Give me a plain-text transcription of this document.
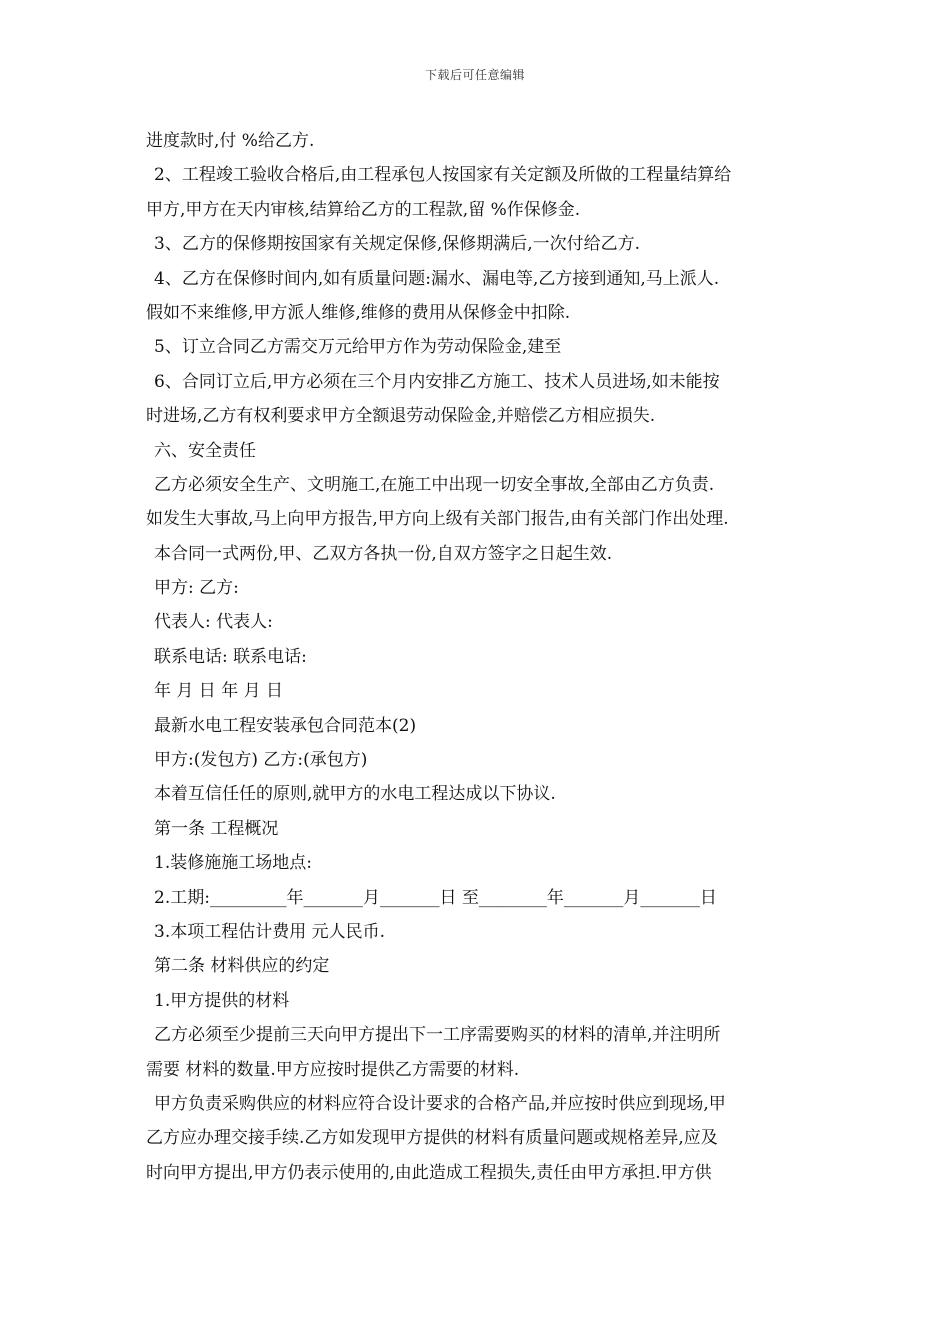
下载后可任意编辑
进度款时,付 %给乙方.
2、工程竣工验收合格后,由工程承包人按国家有关定额及所做的工程量结算给
甲方,甲方在天内审核,结算给乙方的工程款,留 %作保修金.
3、乙方的保修期按国家有关规定保修,保修期满后,一次付给乙方.
4、乙方在保修时间内,如有质量问题:漏水、漏电等,乙方接到通知,马上派人.
假如不来维修,甲方派人维修,维修的费用从保修金中扣除.
5、订立合同乙方需交万元给甲方作为劳动保险金,建至
6、合同订立后,甲方必须在三个月内安排乙方施工、技术人员进场,如未能按
时进场,乙方有权利要求甲方全额退劳动保险金,并赔偿乙方相应损失.
六、安全责任
乙方必须安全生产、文明施工,在施工中出现一切安全事故,全部由乙方负责.
如发生大事故,马上向甲方报告,甲方向上级有关部门报告,由有关部门作出处理.
本合同一式两份,甲、乙双方各执一份,自双方签字之日起生效.
甲方: 乙方:
代表人: 代表人:
联系电话: 联系电话:
年 月 日 年 月 日
最新水电工程安装承包合同范本(2)
甲方:(发包方) 乙方:(承包方)
本着互信任任的原则,就甲方的水电工程达成以下协议.
第一条 工程概况
1.装修施施工场地点:
2.工期:_________年_______月_______日 至________年_______月_______日
3.本项工程估计费用 元人民币.
第二条 材料供应的约定
1.甲方提供的材料
乙方必须至少提前三天向甲方提出下一工序需要购买的材料的清单,并注明所
需要 材料的数量.甲方应按时提供乙方需要的材料.
甲方负责采购供应的材料应符合设计要求的合格产品,并应按时供应到现场,甲
乙方应办理交接手续.乙方如发现甲方提供的材料有质量问题或规格差异,应及
时向甲方提出,甲方仍表示使用的,由此造成工程损失,责任由甲方承担.甲方供
